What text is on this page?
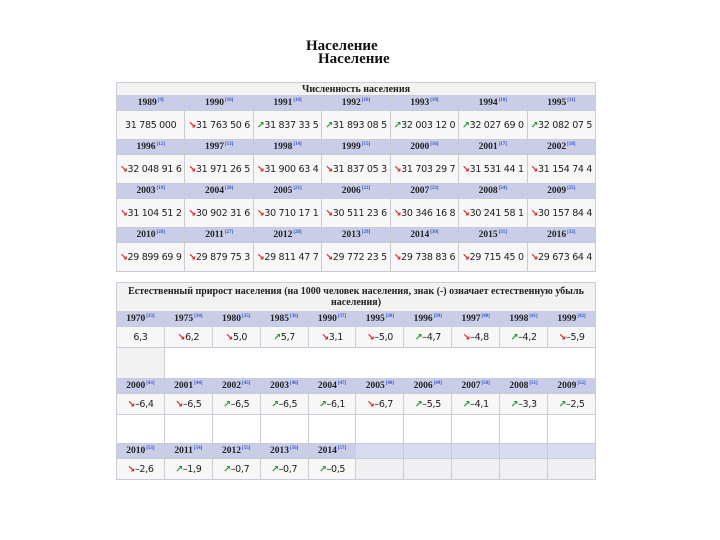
Население
Население
Численность населения						
1989[9]	1990[10]	1991[10]	1992[10]	1993[10]	1994[10]	1995[11]
31 785 000	↘31 763 50 6	↗31 837 33 5	↗31 893 08 5	↗32 003 12 0	↗32 027 69 0	↗32 082 07 5
1996[12]	1997[13]	1998[14]	1999[15]	2000[16]	2001[17]	2002[18]
↘32 048 91 6	↘31 971 26 5	↘31 900 63 4	↘31 837 05 3	↘31 703 29 7	↘31 531 44 1	↘31 154 74 4
2003[19]	2004[20]	2005[21]	2006[22]	2007[23]	2008[24]	2009[25]
↘31 104 51 2	↘30 902 31 6	↘30 710 17 1	↘30 511 23 6	↘30 346 16 8	↘30 241 58 1	↘30 157 84 4
2010[26]	2011[27]	2012[28]	2013[29]	2014[30]	2015[31]	2016[32]
↘29 899 69 9	↘29 879 75 3	↘29 811 47 7	↘29 772 23 5	↘29 738 83 6	↘29 715 45 0	↘29 673 64 4
Естественный прирост населения (на 1000 человек населения, знак (-) означает естественную убыль населения)									
1970[33]	1975[34]	1980[35]	1985[36]	1990[37]	1995[38]	1996[39]	1997[40]	1998[41]	1999[42]
6,3	↘6,2	↘5,0	↗5,7	↘3,1	↘–5,0	↗–4,7	↘–4,8	↗–4,2	↘–5,9

2000[43]	2001[44]	2002[45]	2003[46]	2004[47]	2005[48]	2006[49]	2007[50]	2008[51]	2009[52]
↘–6,4	↘–6,5	↗–6,5	↗–6,5	↗–6,1	↘–6,7	↗–5,5	↗–4,1	↗–3,3	↗–2,5

2010[53]	2011[54]	2012[55]	2013[56]	2014[57]					
↘–2,6	↗–1,9	↗–0,7	↗–0,7	↗–0,5					
